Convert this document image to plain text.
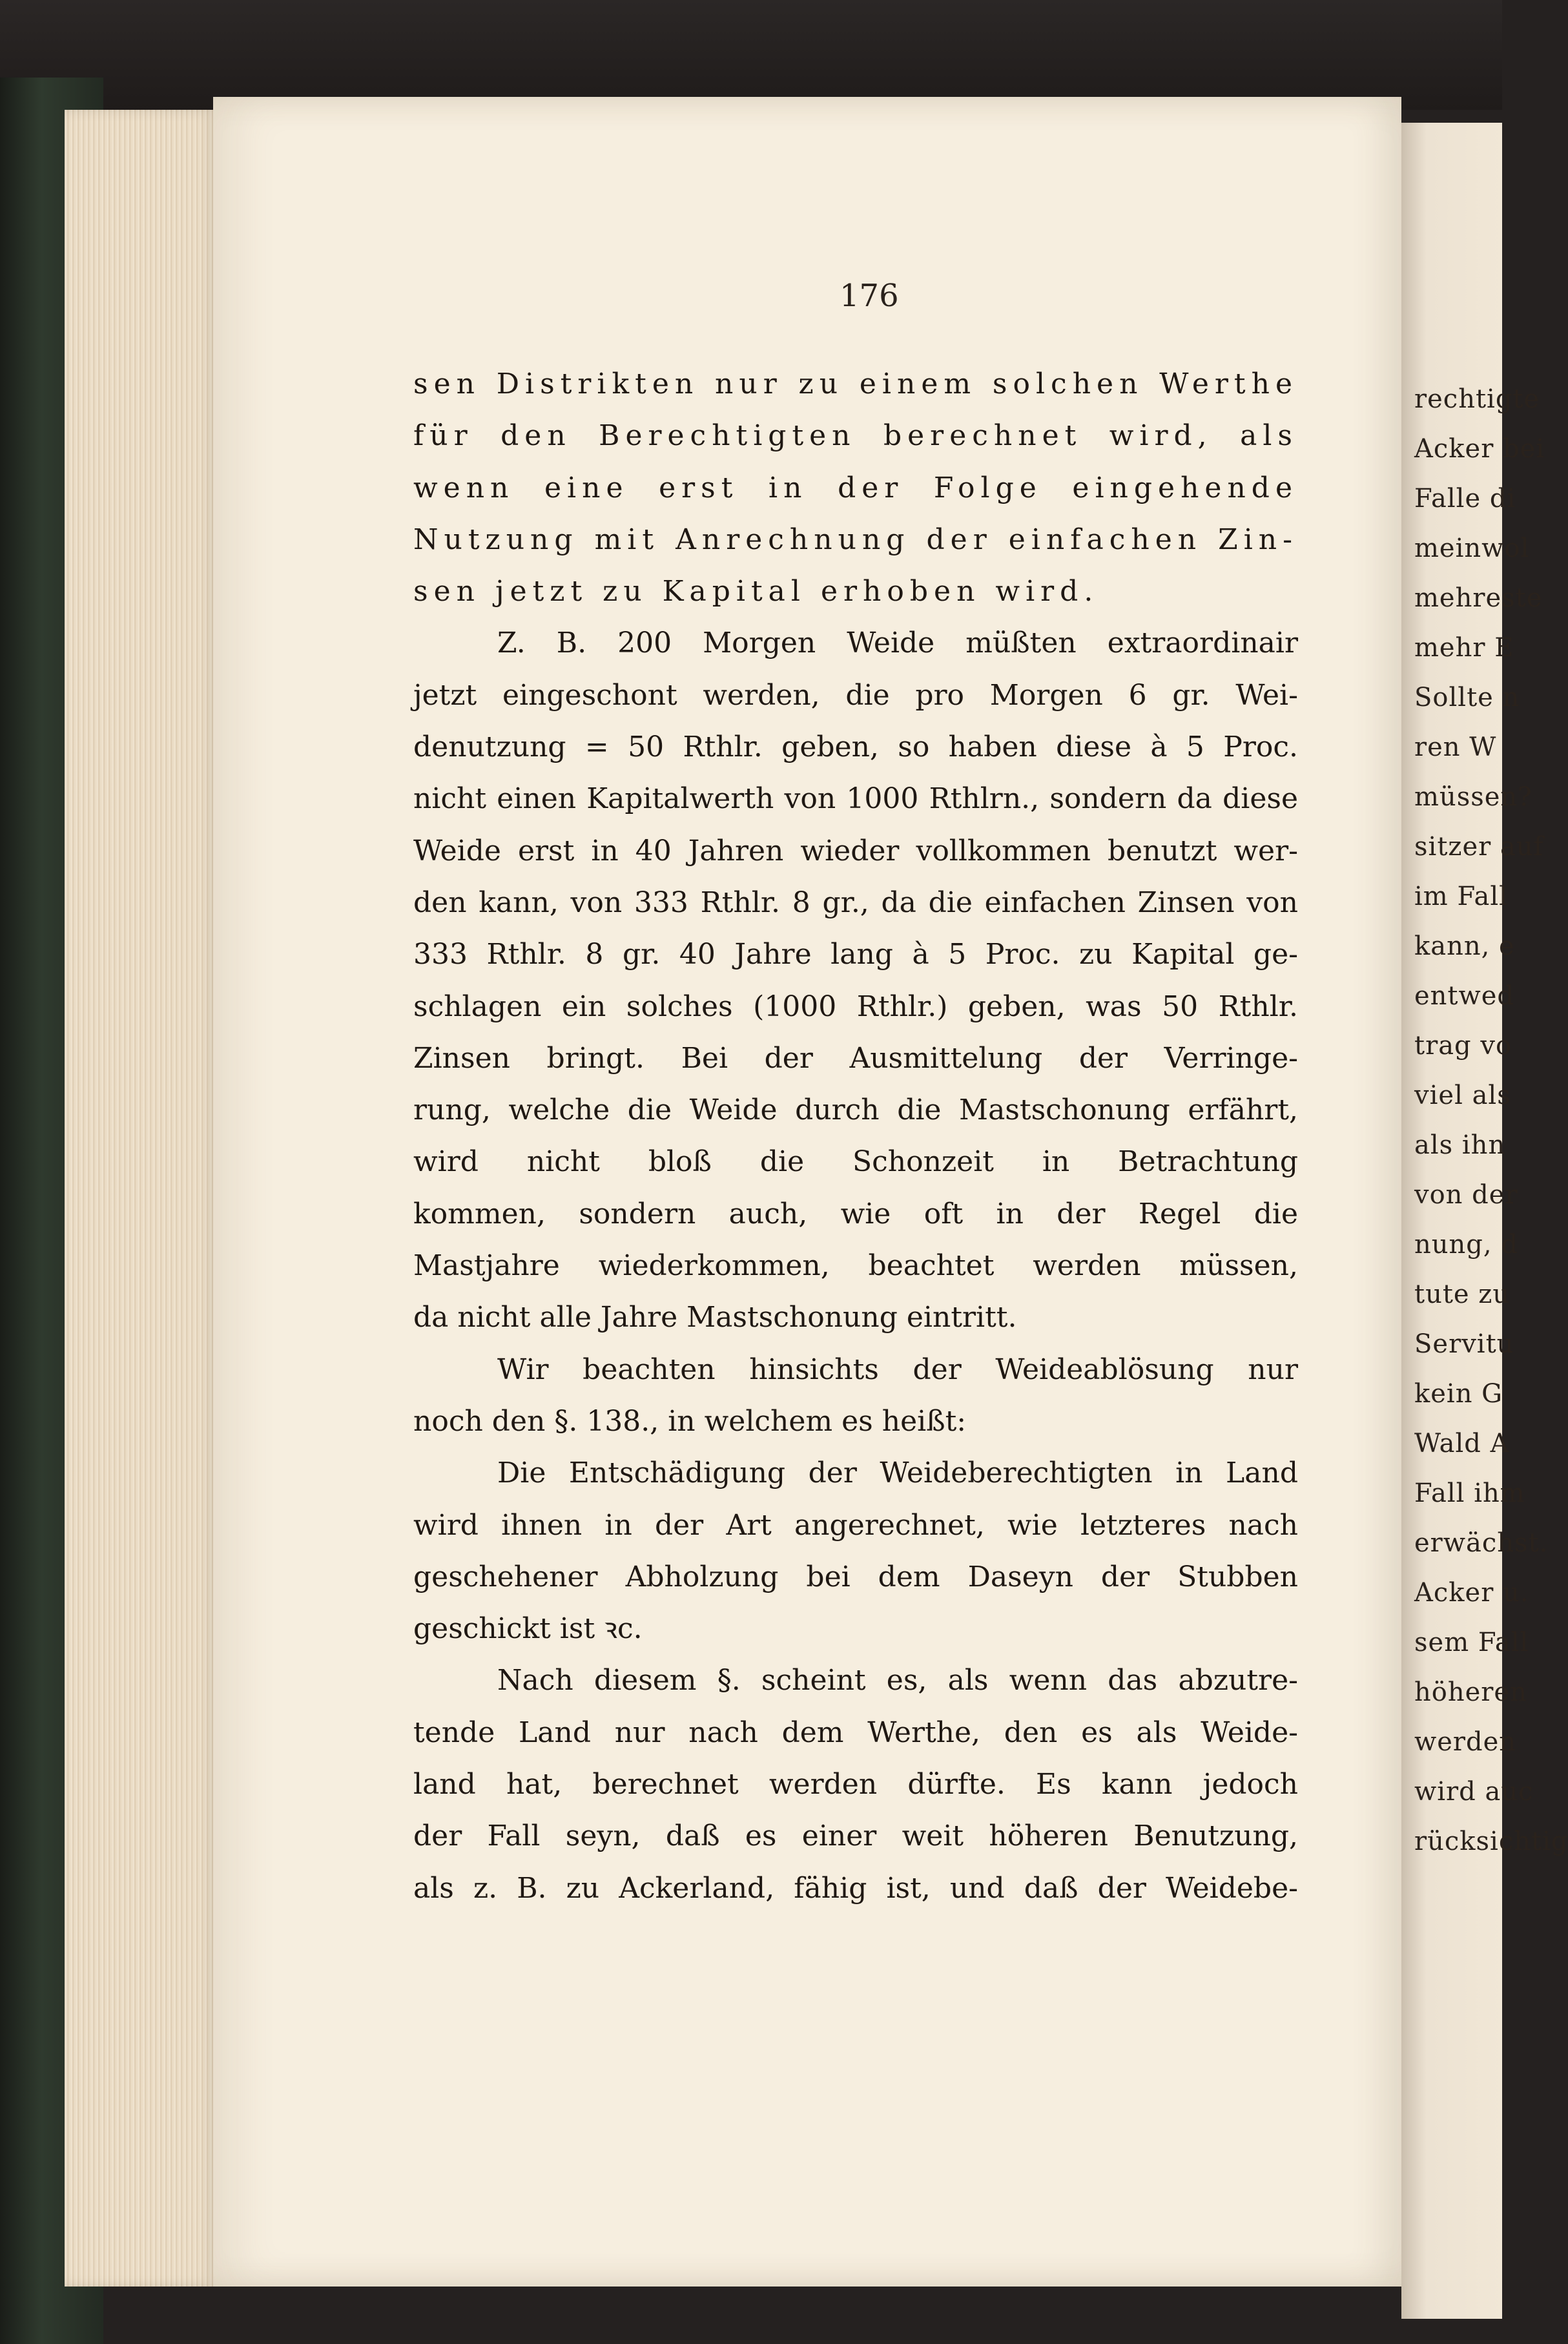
rechtigte
Acker bei
Falle di
meinwol
mehreste
mehr E
Sollte n
ren W
müssen?
sitzer auf
im Fall
kann, e
entwed
trag vo
viel als
als ihn
von der
nung, d
tute zu
Servitu
kein G
Wald A
Fall ihm
erwächst.
Acker u.
sem Fall
höheren
werden
wird auc
rücksichtig
176
sen Distrikten nur zu einem solchen Werthe
für den Berechtigten berechnet wird, als
wenn eine erst in der Folge eingehende
Nutzung mit Anrechnung der einfachen Zin-
sen jetzt zu Kapital erhoben wird.
Z. B. 200 Morgen Weide müßten extraordinair
jetzt eingeschont werden, die pro Morgen 6 gr. Wei-
denutzung = 50 Rthlr. geben, so haben diese à 5 Proc.
nicht einen Kapitalwerth von 1000 Rthlrn., sondern da diese
Weide erst in 40 Jahren wieder vollkommen benutzt wer-
den kann, von 333 Rthlr. 8 gr., da die einfachen Zinsen von
333 Rthlr. 8 gr. 40 Jahre lang à 5 Proc. zu Kapital ge-
schlagen ein solches (1000 Rthlr.) geben, was 50 Rthlr.
Zinsen bringt. Bei der Ausmittelung der Verringe-
rung, welche die Weide durch die Mastschonung erfährt,
wird nicht bloß die Schonzeit in Betrachtung
kommen, sondern auch, wie oft in der Regel die
Mastjahre wiederkommen, beachtet werden müssen,
da nicht alle Jahre Mastschonung eintritt.
Wir beachten hinsichts der Weideablösung nur
noch den §. 138., in welchem es heißt:
Die Entschädigung der Weideberechtigten in Land
wird ihnen in der Art angerechnet, wie letzteres nach
geschehener Abholzung bei dem Daseyn der Stubben
geschickt ist ꝛc.
Nach diesem §. scheint es, als wenn das abzutre-
tende Land nur nach dem Werthe, den es als Weide-
land hat, berechnet werden dürfte. Es kann jedoch
der Fall seyn, daß es einer weit höheren Benutzung,
als z. B. zu Ackerland, fähig ist, und daß der Weidebe-
